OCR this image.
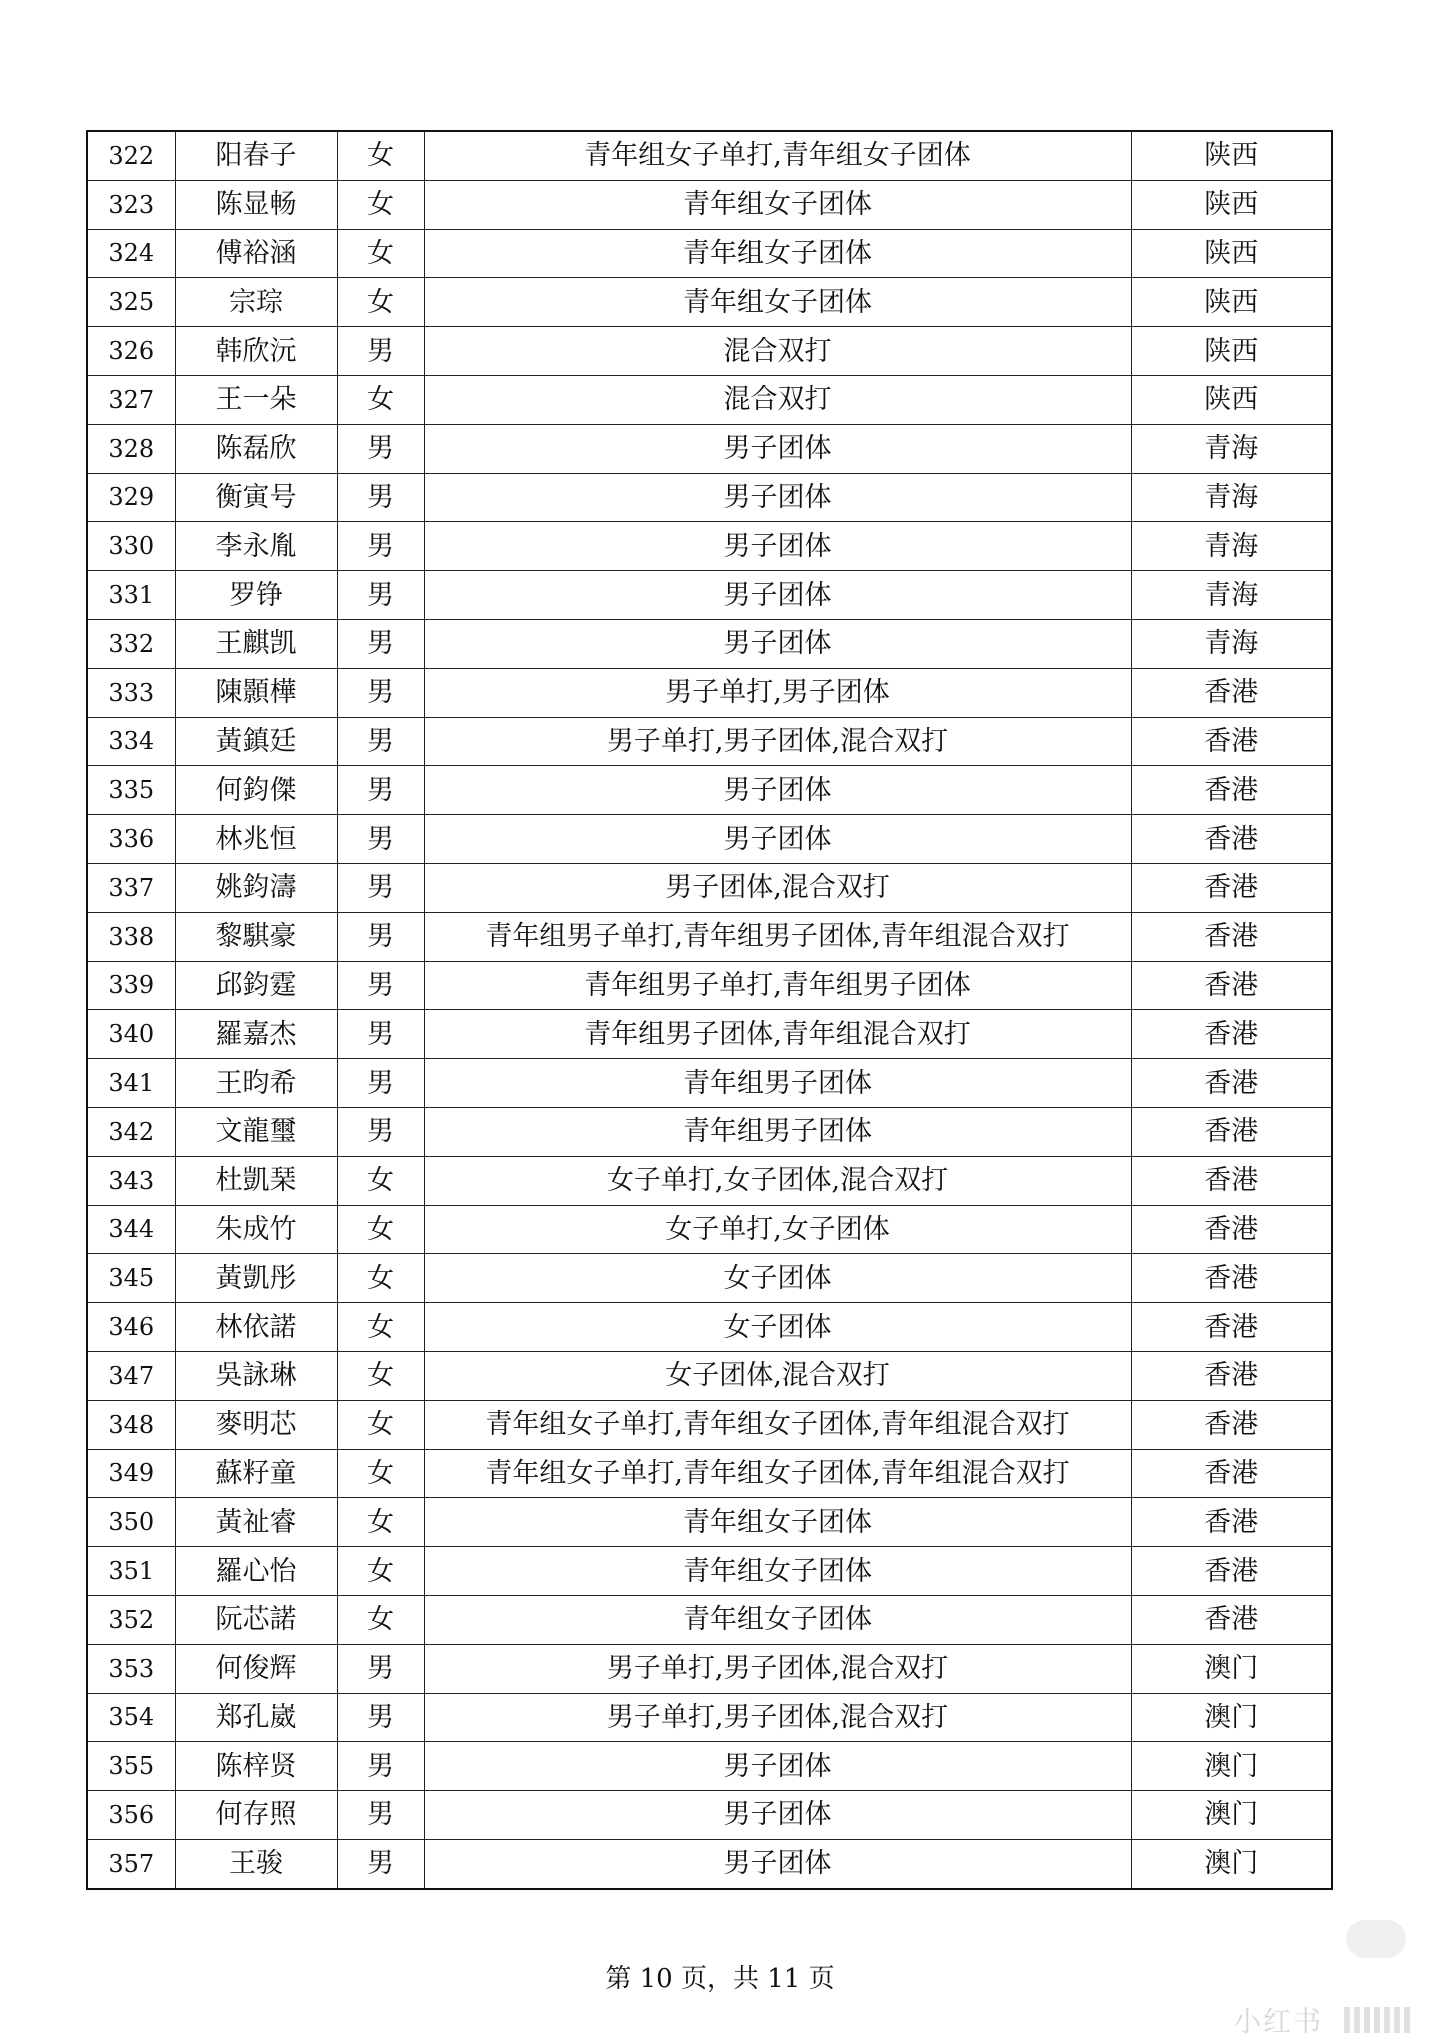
322	阳春子	女	青年组女子单打,青年组女子团体	陕西
323	陈显畅	女	青年组女子团体	陕西
324	傅裕涵	女	青年组女子团体	陕西
325	宗琮	女	青年组女子团体	陕西
326	韩欣沅	男	混合双打	陕西
327	王一朵	女	混合双打	陕西
328	陈磊欣	男	男子团体	青海
329	衡寅号	男	男子团体	青海
330	李永胤	男	男子团体	青海
331	罗铮	男	男子团体	青海
332	王麒凯	男	男子团体	青海
333	陳顥樺	男	男子单打,男子团体	香港
334	黃鎮廷	男	男子单打,男子团体,混合双打	香港
335	何鈞傑	男	男子团体	香港
336	林兆恒	男	男子团体	香港
337	姚鈞濤	男	男子团体,混合双打	香港
338	黎騏豪	男	青年组男子单打,青年组男子团体,青年组混合双打	香港
339	邱鈞霆	男	青年组男子单打,青年组男子团体	香港
340	羅嘉杰	男	青年组男子团体,青年组混合双打	香港
341	王昀希	男	青年组男子团体	香港
342	文龍璽	男	青年组男子团体	香港
343	杜凱琹	女	女子单打,女子团体,混合双打	香港
344	朱成竹	女	女子单打,女子团体	香港
345	黃凱彤	女	女子团体	香港
346	林依諾	女	女子团体	香港
347	吳詠琳	女	女子团体,混合双打	香港
348	麥明芯	女	青年组女子单打,青年组女子团体,青年组混合双打	香港
349	蘇籽童	女	青年组女子单打,青年组女子团体,青年组混合双打	香港
350	黃祉睿	女	青年组女子团体	香港
351	羅心怡	女	青年组女子团体	香港
352	阮芯諾	女	青年组女子团体	香港
353	何俊辉	男	男子单打,男子团体,混合双打	澳门
354	郑孔崴	男	男子单打,男子团体,混合双打	澳门
355	陈梓贤	男	男子团体	澳门
356	何存照	男	男子团体	澳门
357	王骏	男	男子团体	澳门
第 10 页，共 11 页
小红书
